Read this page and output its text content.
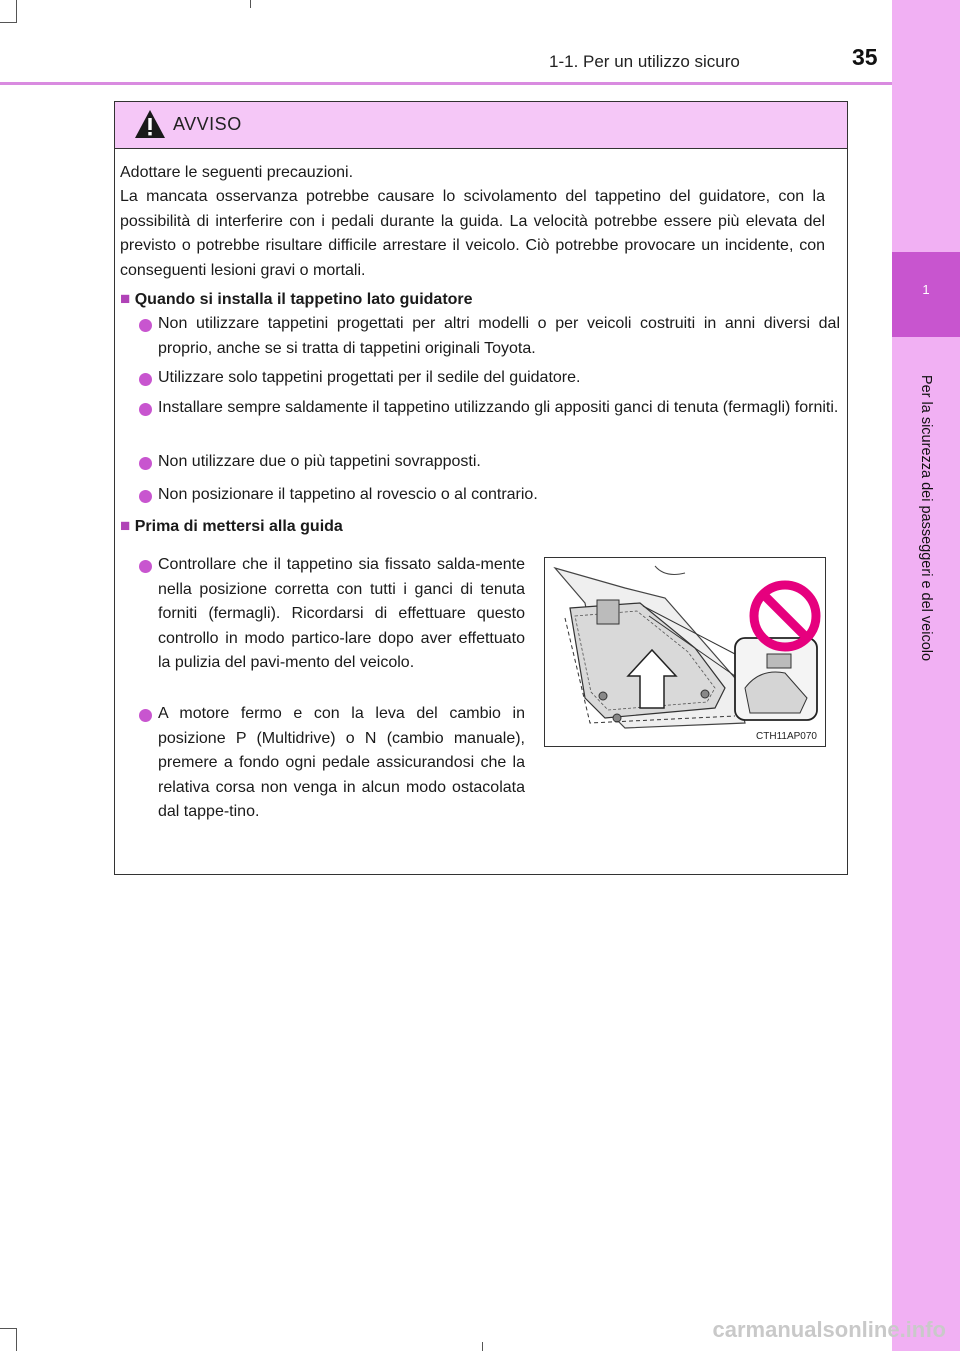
1-1. Per un utilizzo sicuro	35
1
Per la sicurezza dei passeggeri e del veicolo
AVVISO
Adottare le seguenti precauzioni.
La mancata osservanza potrebbe causare lo scivolamento del tappetino del guidatore, con la possibilità di interferire con i pedali durante la guida. La velocità potrebbe essere più elevata del previsto o potrebbe risultare difficile arrestare il veicolo. Ciò potrebbe provocare un incidente, con conseguenti lesioni gravi o mortali.
■ Quando si installa il tappetino lato guidatore
Non utilizzare tappetini progettati per altri modelli o per veicoli costruiti in anni diversi dal proprio, anche se si tratta di tappetini originali Toyota.
Utilizzare solo tappetini progettati per il sedile del guidatore.
Installare sempre saldamente il tappetino utilizzando gli appositi ganci di tenuta (fermagli) forniti.
Non utilizzare due o più tappetini sovrapposti.
Non posizionare il tappetino al rovescio o al contrario.
■ Prima di mettersi alla guida
Controllare che il tappetino sia fissato salda-mente nella posizione corretta con tutti i ganci di tenuta forniti (fermagli). Ricordarsi di effettuare questo controllo in modo partico-lare dopo aver effettuato la pulizia del pavi-mento del veicolo.
A motore fermo e con la leva del cambio in posizione P (Multidrive) o N (cambio manuale), premere a fondo ogni pedale assicurandosi che la relativa corsa non venga in alcun modo ostacolata dal tappe-tino.
CTH11AP070
carmanualsonline.info
